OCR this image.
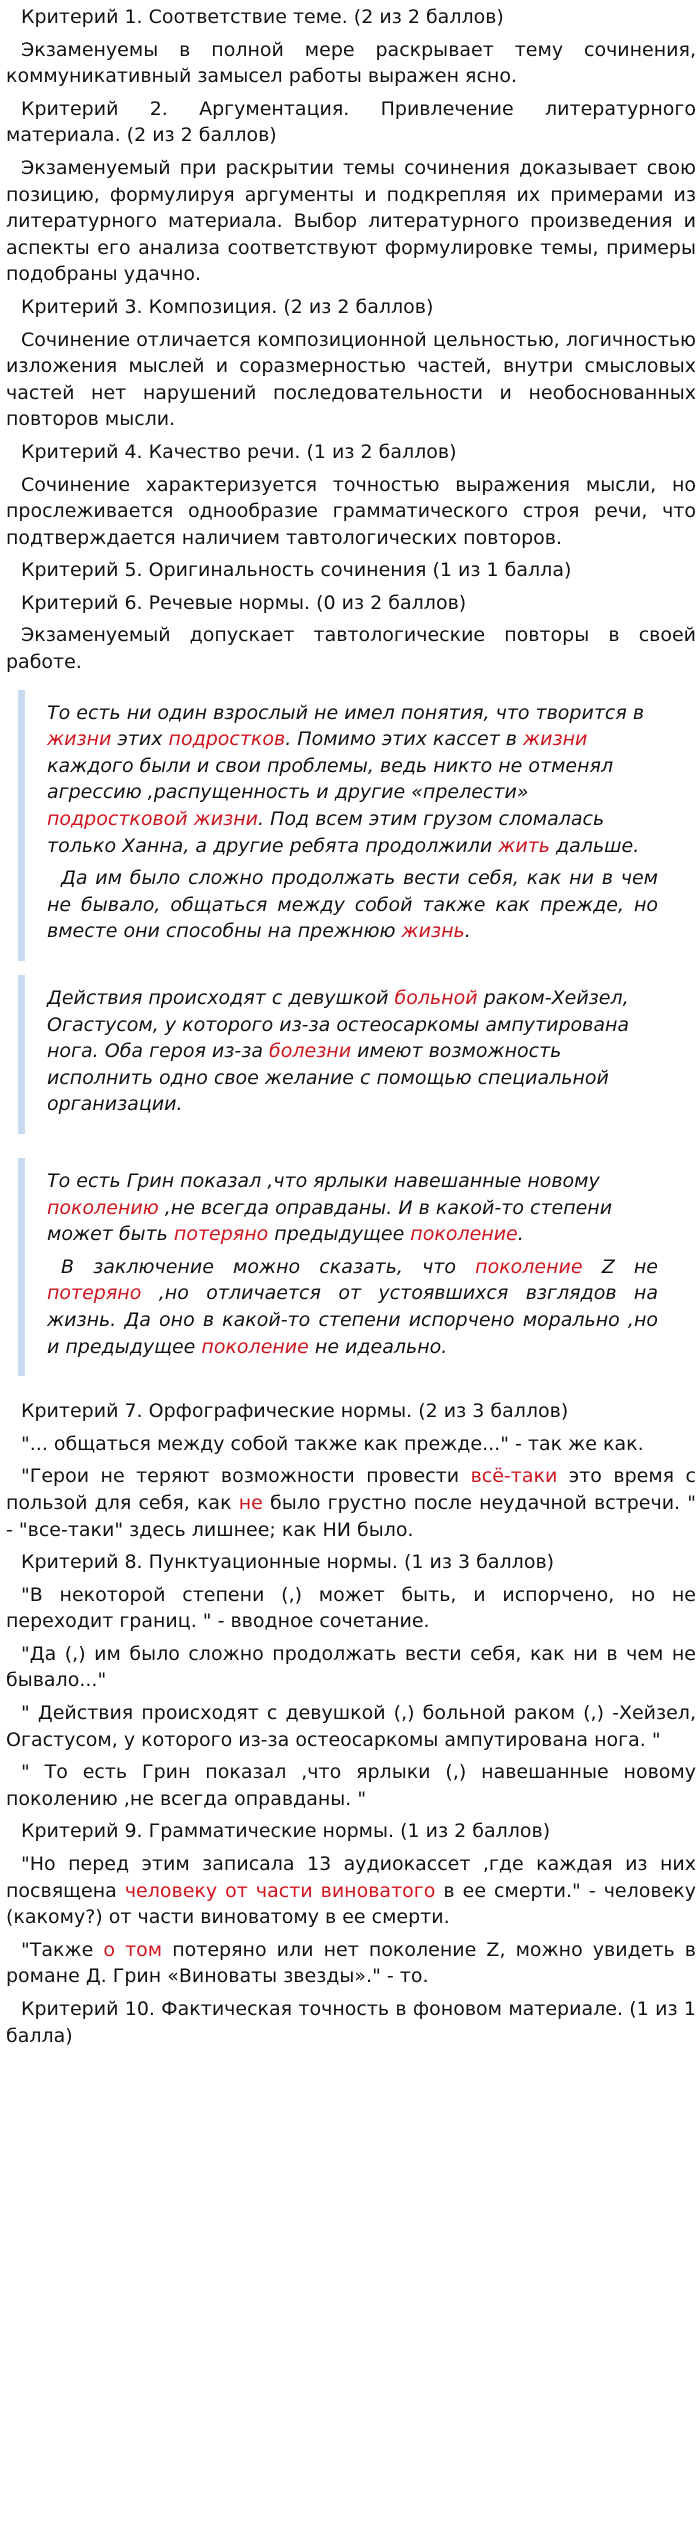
Критерий 1. Соответствие теме. (2 из 2 баллов)

Экзаменуемы в полной мере раскрывает тему сочинения, коммуникативный замысел работы выражен ясно.

Критерий 2. Аргументация. Привлечение литературного материала. (2 из 2 баллов)

Экзаменуемый при раскрытии темы сочинения доказывает свою позицию, формулируя аргументы и подкрепляя их примерами из литературного материала. Выбор литературного произведения и аспекты его анализа соответствуют формулировке темы, примеры подобраны удачно.

Критерий 3. Композиция. (2 из 2 баллов)

Сочинение отличается композиционной цельностью, логичностью изложения мыслей и соразмерностью частей, внутри смысловых частей нет нарушений последовательности и необоснованных повторов мысли.

Критерий 4. Качество речи. (1 из 2 баллов)

Сочинение характеризуется точностью выражения мысли, но прослеживается однообразие грамматического строя речи, что подтверждается наличием тавтологических повторов.

Критерий 5. Оригинальность сочинения (1 из 1 балла)

Критерий 6. Речевые нормы. (0 из 2 баллов)

Экзаменуемый допускает тавтологические повторы в своей работе.

То есть ни один взрослый не имел понятия, что творится в жизни этих подростков. Помимо этих кассет в жизни каждого были и свои проблемы, ведь никто не отменял агрессию ,распущенность и другие «прелести» подростковой жизни. Под всем этим грузом сломалась только Ханна, а другие ребята продолжили жить дальше.

Да им было сложно продолжать вести себя, как ни в чем не бывало, общаться между собой также как прежде, но вместе они способны на прежнюю жизнь.

Действия происходят с девушкой больной раком-Хейзел, Огастусом, у которого из-за остеосаркомы ампутирована нога. Оба героя из-за болезни имеют возможность исполнить одно свое желание с помощью специальной организации.

То есть Грин показал ,что ярлыки навешанные новому поколению ,не всегда оправданы. И в какой-то степени может быть потеряно предыдущее поколение.

В заключение можно сказать, что поколение Z не потеряно ,но отличается от устоявшихся взглядов на жизнь. Да оно в какой-то степени испорчено морально ,но и предыдущее поколение не идеально.

Критерий 7. Орфографические нормы. (2 из 3 баллов)

"... общаться между собой также как прежде..." - так же как.

"Герои не теряют возможности провести всё-таки это время с пользой для себя, как не было грустно после неудачной встречи. " - "все-таки" здесь лишнее; как НИ было.

Критерий 8. Пунктуационные нормы. (1 из 3 баллов)

"В некоторой степени (,) может быть, и испорчено, но не переходит границ. " - вводное сочетание.

"Да (,) им было сложно продолжать вести себя, как ни в чем не бывало..."

" Действия происходят с девушкой (,) больной раком (,) -Хейзел, Огастусом, у которого из-за остеосаркомы ампутирована нога. "

" То есть Грин показал ,что ярлыки (,) навешанные новому поколению ,не всегда оправданы. "

Критерий 9. Грамматические нормы. (1 из 2 баллов)

"Но перед этим записала 13 аудиокассет ,где каждая из них посвящена человеку от части виноватого в ее смерти." - человеку (какому?) от части виноватому в ее смерти.

"Также о том потеряно или нет поколение Z, можно увидеть в романе Д. Грин «Виноваты звезды»." - то.

Критерий 10. Фактическая точность в фоновом материале. (1 из 1 балла)
